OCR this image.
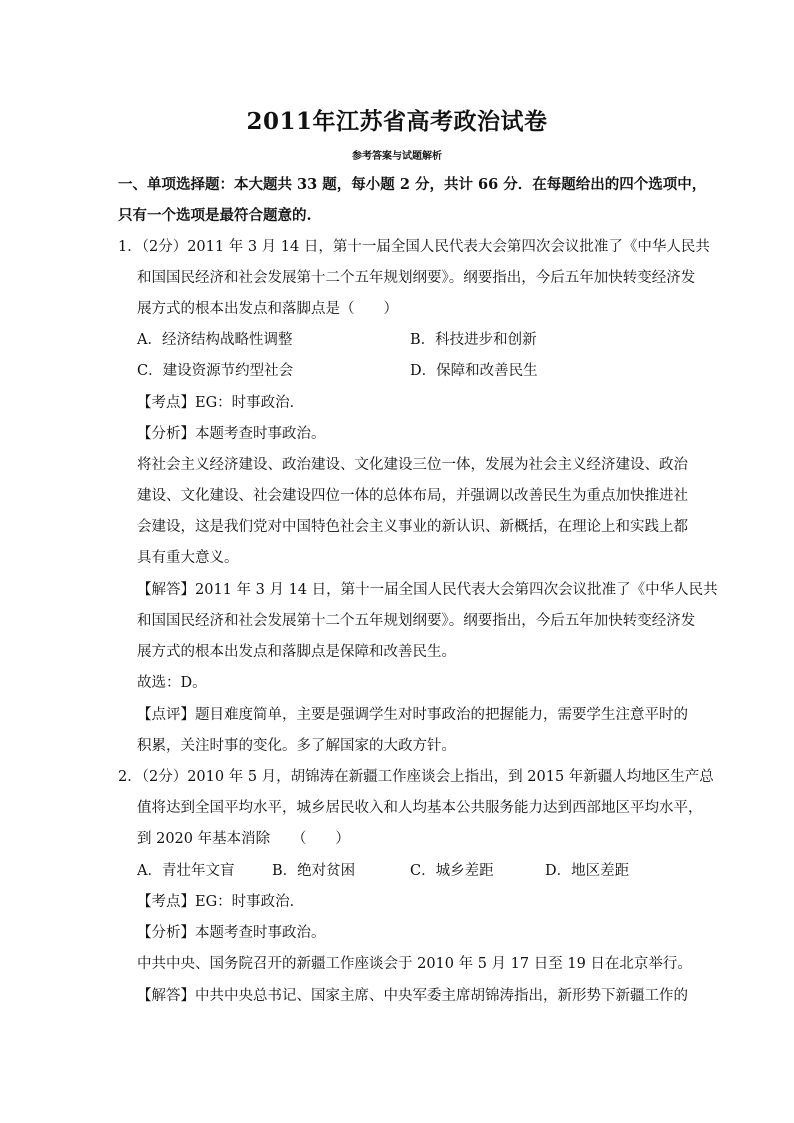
2011年江苏省高考政治试卷
参考答案与试题解析
一、单项选择题：本大题共 33 题，每小题 2 分，共计 66 分．在每题给出的四个选项中，
只有一个选项是最符合题意的.
1．（2分）2011 年 3 月 14 日，第十一届全国人民代表大会第四次会议批准了《中华人民共
和国国民经济和社会发展第十二个五年规划纲要》。纲要指出，今后五年加快转变经济发
展方式的根本出发点和落脚点是（　　）
A．经济结构战略性调整	B．科技进步和创新
C．建设资源节约型社会	D．保障和改善民生
【考点】EG：时事政治．
【分析】本题考查时事政治。
将社会主义经济建设、政治建设、文化建设三位一体，发展为社会主义经济建设、政治
建设、文化建设、社会建设四位一体的总体布局，并强调以改善民生为重点加快推进社
会建设，这是我们党对中国特色社会主义事业的新认识、新概括，在理论上和实践上都
具有重大意义。
【解答】2011 年 3 月 14 日，第十一届全国人民代表大会第四次会议批准了《中华人民共
和国国民经济和社会发展第十二个五年规划纲要》。纲要指出，今后五年加快转变经济发
展方式的根本出发点和落脚点是保障和改善民生。
故选：D。
【点评】题目难度简单，主要是强调学生对时事政治的把握能力，需要学生注意平时的
积累，关注时事的变化。多了解国家的大政方针。
2．（2分）2010 年 5 月，胡锦涛在新疆工作座谈会上指出，到 2015 年新疆人均地区生产总
值将达到全国平均水平，城乡居民收入和人均基本公共服务能力达到西部地区平均水平，
到 2020 年基本消除　　（　　）
A．青壮年文盲	B．绝对贫困	C．城乡差距	D．地区差距
【考点】EG：时事政治．
【分析】本题考查时事政治。
中共中央、国务院召开的新疆工作座谈会于 2010 年 5 月 17 日至 19 日在北京举行。
【解答】中共中央总书记、国家主席、中央军委主席胡锦涛指出，新形势下新疆工作的
